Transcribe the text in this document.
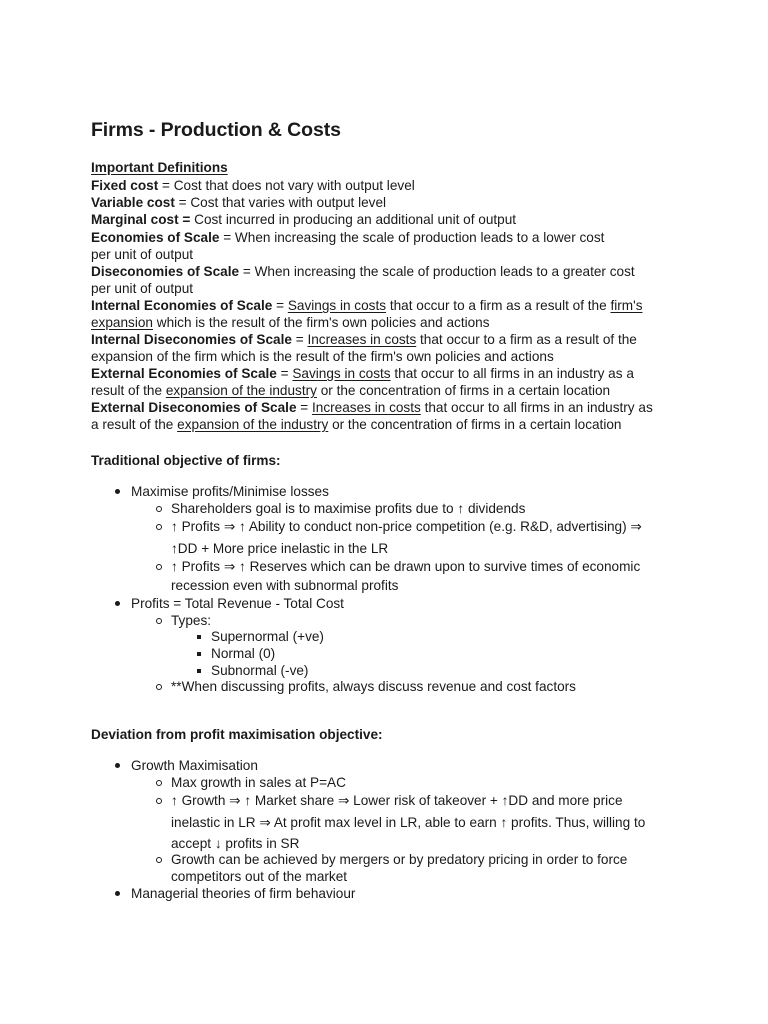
Firms - Production & Costs
Important Definitions
Fixed cost = Cost that does not vary with output level
Variable cost = Cost that varies with output level
Marginal cost = Cost incurred in producing an additional unit of output
Economies of Scale = When increasing the scale of production leads to a lower cost
per unit of output
Diseconomies of Scale = When increasing the scale of production leads to a greater cost
per unit of output
Internal Economies of Scale = Savings in costs that occur to a firm as a result of the firm's
expansion which is the result of the firm's own policies and actions
Internal Diseconomies of Scale = Increases in costs that occur to a firm as a result of the
expansion of the firm which is the result of the firm's own policies and actions
External Economies of Scale = Savings in costs that occur to all firms in an industry as a
result of the expansion of the industry or the concentration of firms in a certain location
External Diseconomies of Scale = Increases in costs that occur to all firms in an industry as
a result of the expansion of the industry or the concentration of firms in a certain location
Traditional objective of firms:
Maximise profits/Minimise losses
Shareholders goal is to maximise profits due to ↑ dividends
↑ Profits ⇒ ↑ Ability to conduct non-price competition (e.g. R&D, advertising) ⇒
↑DD + More price inelastic in the LR
↑ Profits ⇒ ↑ Reserves which can be drawn upon to survive times of economic
recession even with subnormal profits
Profits = Total Revenue - Total Cost
Types:
Supernormal (+ve)
Normal (0)
Subnormal (-ve)
**When discussing profits, always discuss revenue and cost factors
Deviation from profit maximisation objective:
Growth Maximisation
Max growth in sales at P=AC
↑ Growth ⇒ ↑ Market share ⇒ Lower risk of takeover + ↑DD and more price
inelastic in LR ⇒ At profit max level in LR, able to earn ↑ profits. Thus, willing to
accept ↓ profits in SR
Growth can be achieved by mergers or by predatory pricing in order to force
competitors out of the market
Managerial theories of firm behaviour
